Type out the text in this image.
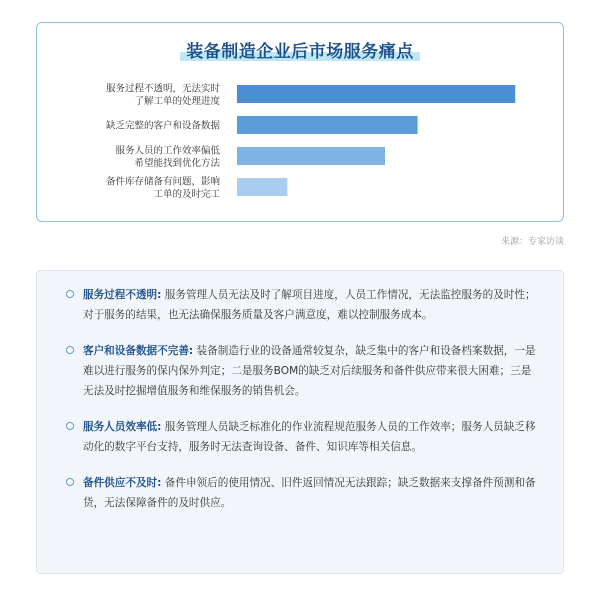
装备制造企业后市场服务痛点
服务过程不透明，无法实时了解工单的处理进度
缺乏完整的客户和设备数据
服务人员的工作效率偏低希望能找到优化方法
备件库存储备有问题，影响工单的及时完工
来源：专家访谈
服务过程不透明: 服务管理人员无法及时了解项目进度，人员工作情况，无法监控服务的及时性；对于服务的结果，也无法确保服务质量及客户满意度，难以控制服务成本。
客户和设备数据不完善: 装备制造行业的设备通常较复杂，缺乏集中的客户和设备档案数据，一是难以进行服务的保内保外判定；二是服务BOM的缺乏对后续服务和备件供应带来很大困难；三是无法及时挖掘增值服务和维保服务的销售机会。
服务人员效率低: 服务管理人员缺乏标准化的作业流程规范服务人员的工作效率；服务人员缺乏移动化的数字平台支持，服务时无法查询设备、备件、知识库等相关信息。
备件供应不及时: 备件申领后的使用情况、旧件返回情况无法跟踪；缺乏数据来支撑备件预测和备货，无法保障备件的及时供应。
